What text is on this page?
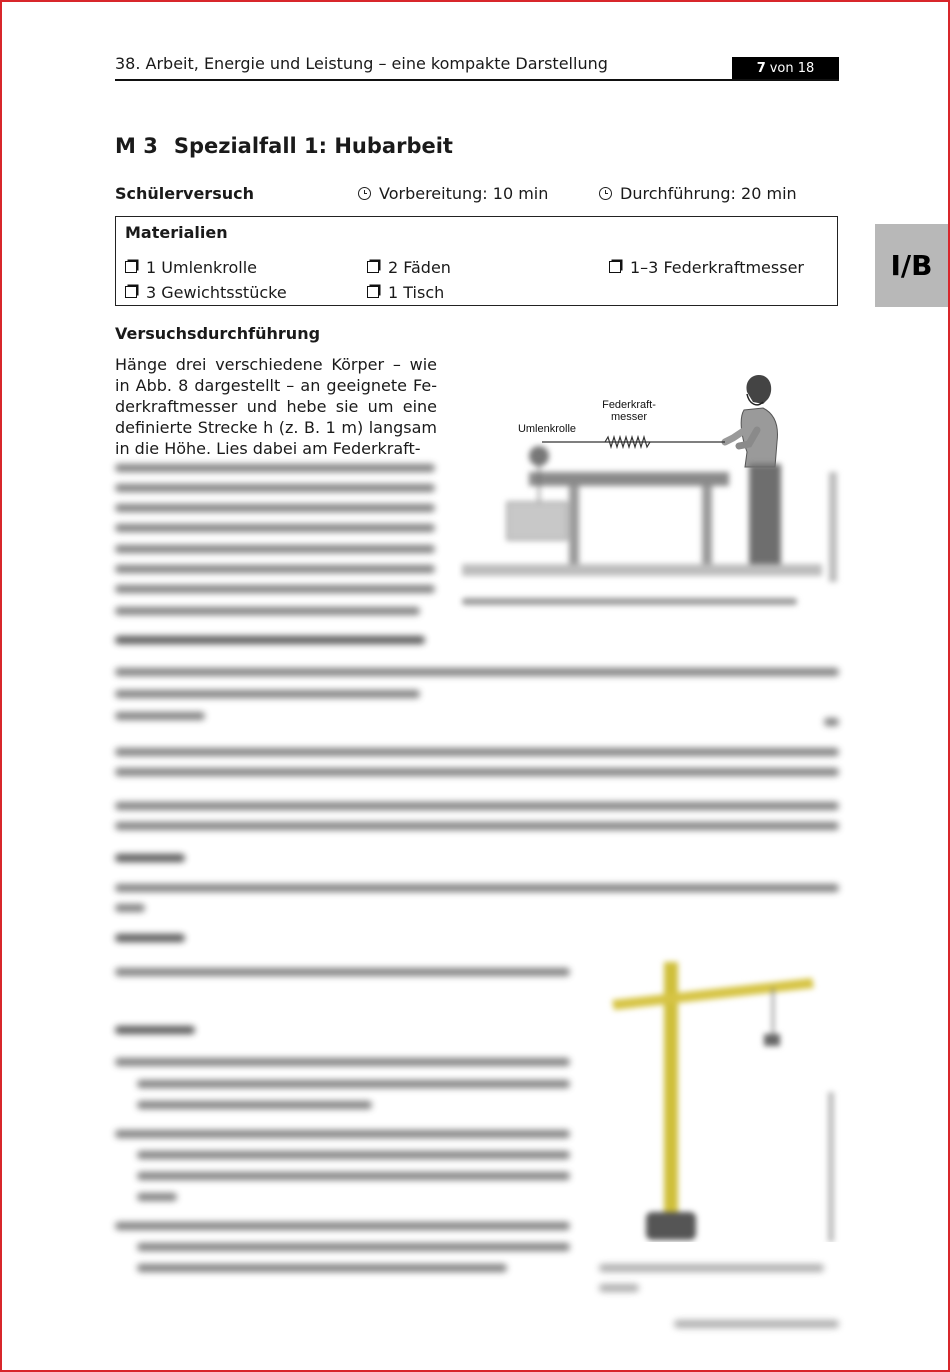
38. Arbeit, Energie und Leistung – eine kompakte Darstellung	7 von 18
I/B
M 3 Spezialfall 1: Hubarbeit
Schülerversuch	Vorbereitung: 10 min	Durchführung: 20 min
Materialien
1 Umlenkrolle	2 Fäden	1–3 Federkraftmesser
3 Gewichtsstücke	1 Tisch
Versuchsdurchführung
Hänge drei verschiedene Körper – wie
in Abb. 8 dargestellt – an geeignete Fe-
derkraftmesser und hebe sie um eine
definierte Strecke h (z. B. 1 m) langsam
in die Höhe. Lies dabei am Federkraft-
Federkraft-messer
Umlenkrolle
